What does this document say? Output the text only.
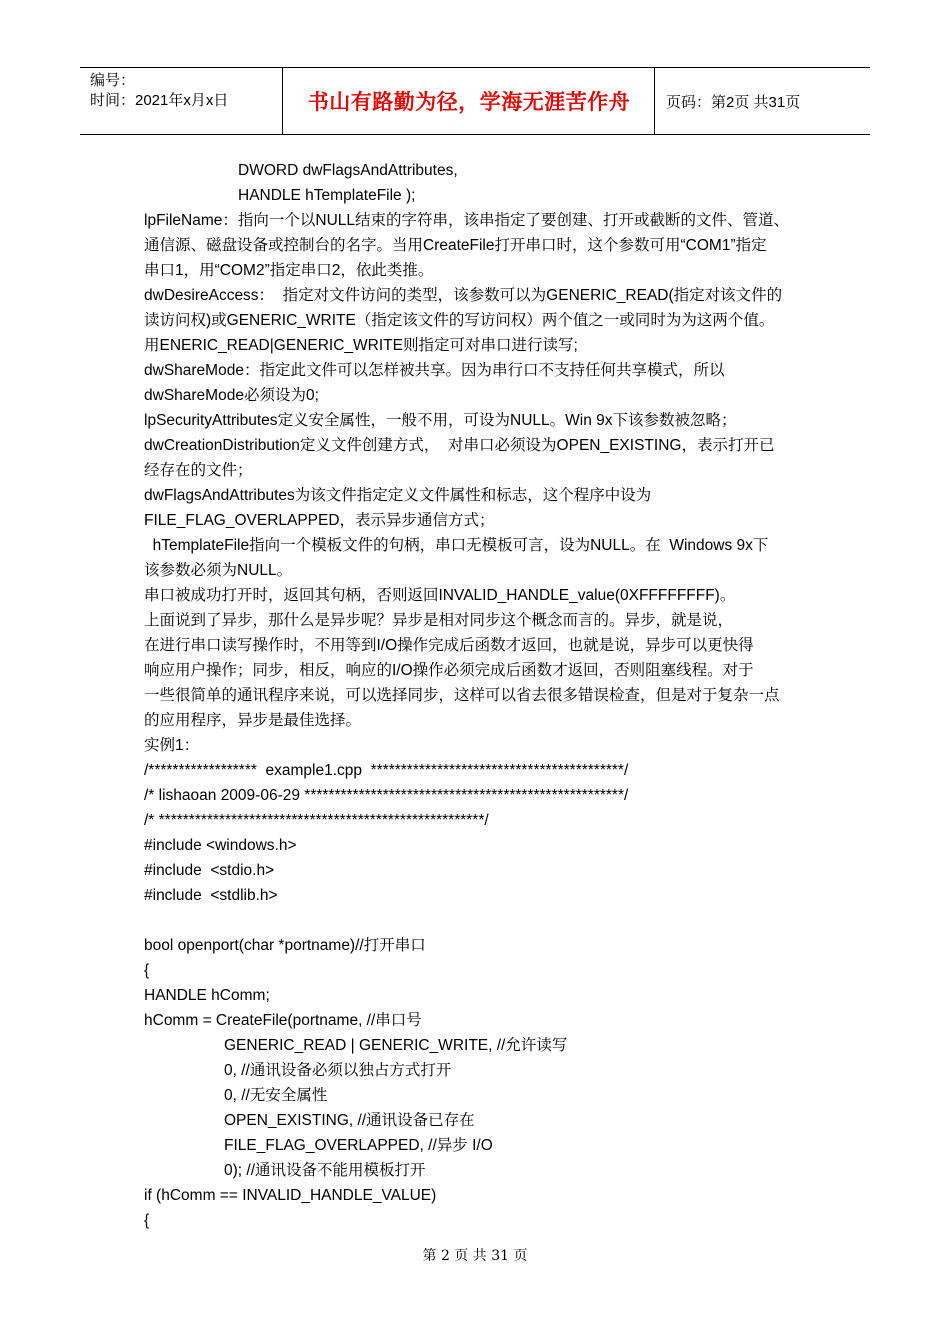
编号：
时间：2021年x月x日	书山有路勤为径，学海无涯苦作舟	页码：第2页 共31页
DWORD dwFlagsAndAttributes,
HANDLE hTemplateFile );
lpFileName：指向一个以NULL结束的字符串，该串指定了要创建、打开或截断的文件、管道、
通信源、磁盘设备或控制台的名字。当用CreateFile打开串口时，这个参数可用“COM1”指定
串口1，用“COM2”指定串口2，依此类推。
dwDesireAccess：  指定对文件访问的类型，该参数可以为GENERIC_READ(指定对该文件的
读访问权)或GENERIC_WRITE（指定该文件的写访问权）两个值之一或同时为为这两个值。
用ENERIC_READ|GENERIC_WRITE则指定可对串口进行读写;
dwShareMode：指定此文件可以怎样被共享。因为串行口不支持任何共享模式，所以
dwShareMode必须设为0;
lpSecurityAttributes定义安全属性，一般不用，可设为NULL。Win 9x下该参数被忽略；
dwCreationDistribution定义文件创建方式，  对串口必须设为OPEN_EXISTING，表示打开已
经存在的文件；
dwFlagsAndAttributes为该文件指定定义文件属性和标志，这个程序中设为
FILE_FLAG_OVERLAPPED，表示异步通信方式；
hTemplateFile指向一个模板文件的句柄，串口无模板可言，设为NULL。在  Windows 9x下
该参数必须为NULL。
串口被成功打开时，返回其句柄，否则返回INVALID_HANDLE_value(0XFFFFFFFF)。
上面说到了异步，那什么是异步呢？异步是相对同步这个概念而言的。异步，就是说，
在进行串口读写操作时，不用等到I/O操作完成后函数才返回，也就是说，异步可以更快得
响应用户操作；同步，相反，响应的I/O操作必须完成后函数才返回，否则阻塞线程。对于
一些很简单的通讯程序来说，可以选择同步，这样可以省去很多错误检查，但是对于复杂一点
的应用程序，异步是最佳选择。
实例1：
/******************  example1.cpp  ******************************************/
/* lishaoan 2009-06-29 *****************************************************/
/* ******************************************************/
#include <windows.h>
#include  <stdio.h>
#include  <stdlib.h>
bool openport(char *portname)//打开串口
{
HANDLE hComm;
hComm = CreateFile(portname, //串口号
GENERIC_READ | GENERIC_WRITE, //允许读写
0, //通讯设备必须以独占方式打开
0, //无安全属性
OPEN_EXISTING, //通讯设备已存在
FILE_FLAG_OVERLAPPED, //异步 I/O
0); //通讯设备不能用模板打开
if (hComm == INVALID_HANDLE_VALUE)
{
第 2 页 共 31 页
